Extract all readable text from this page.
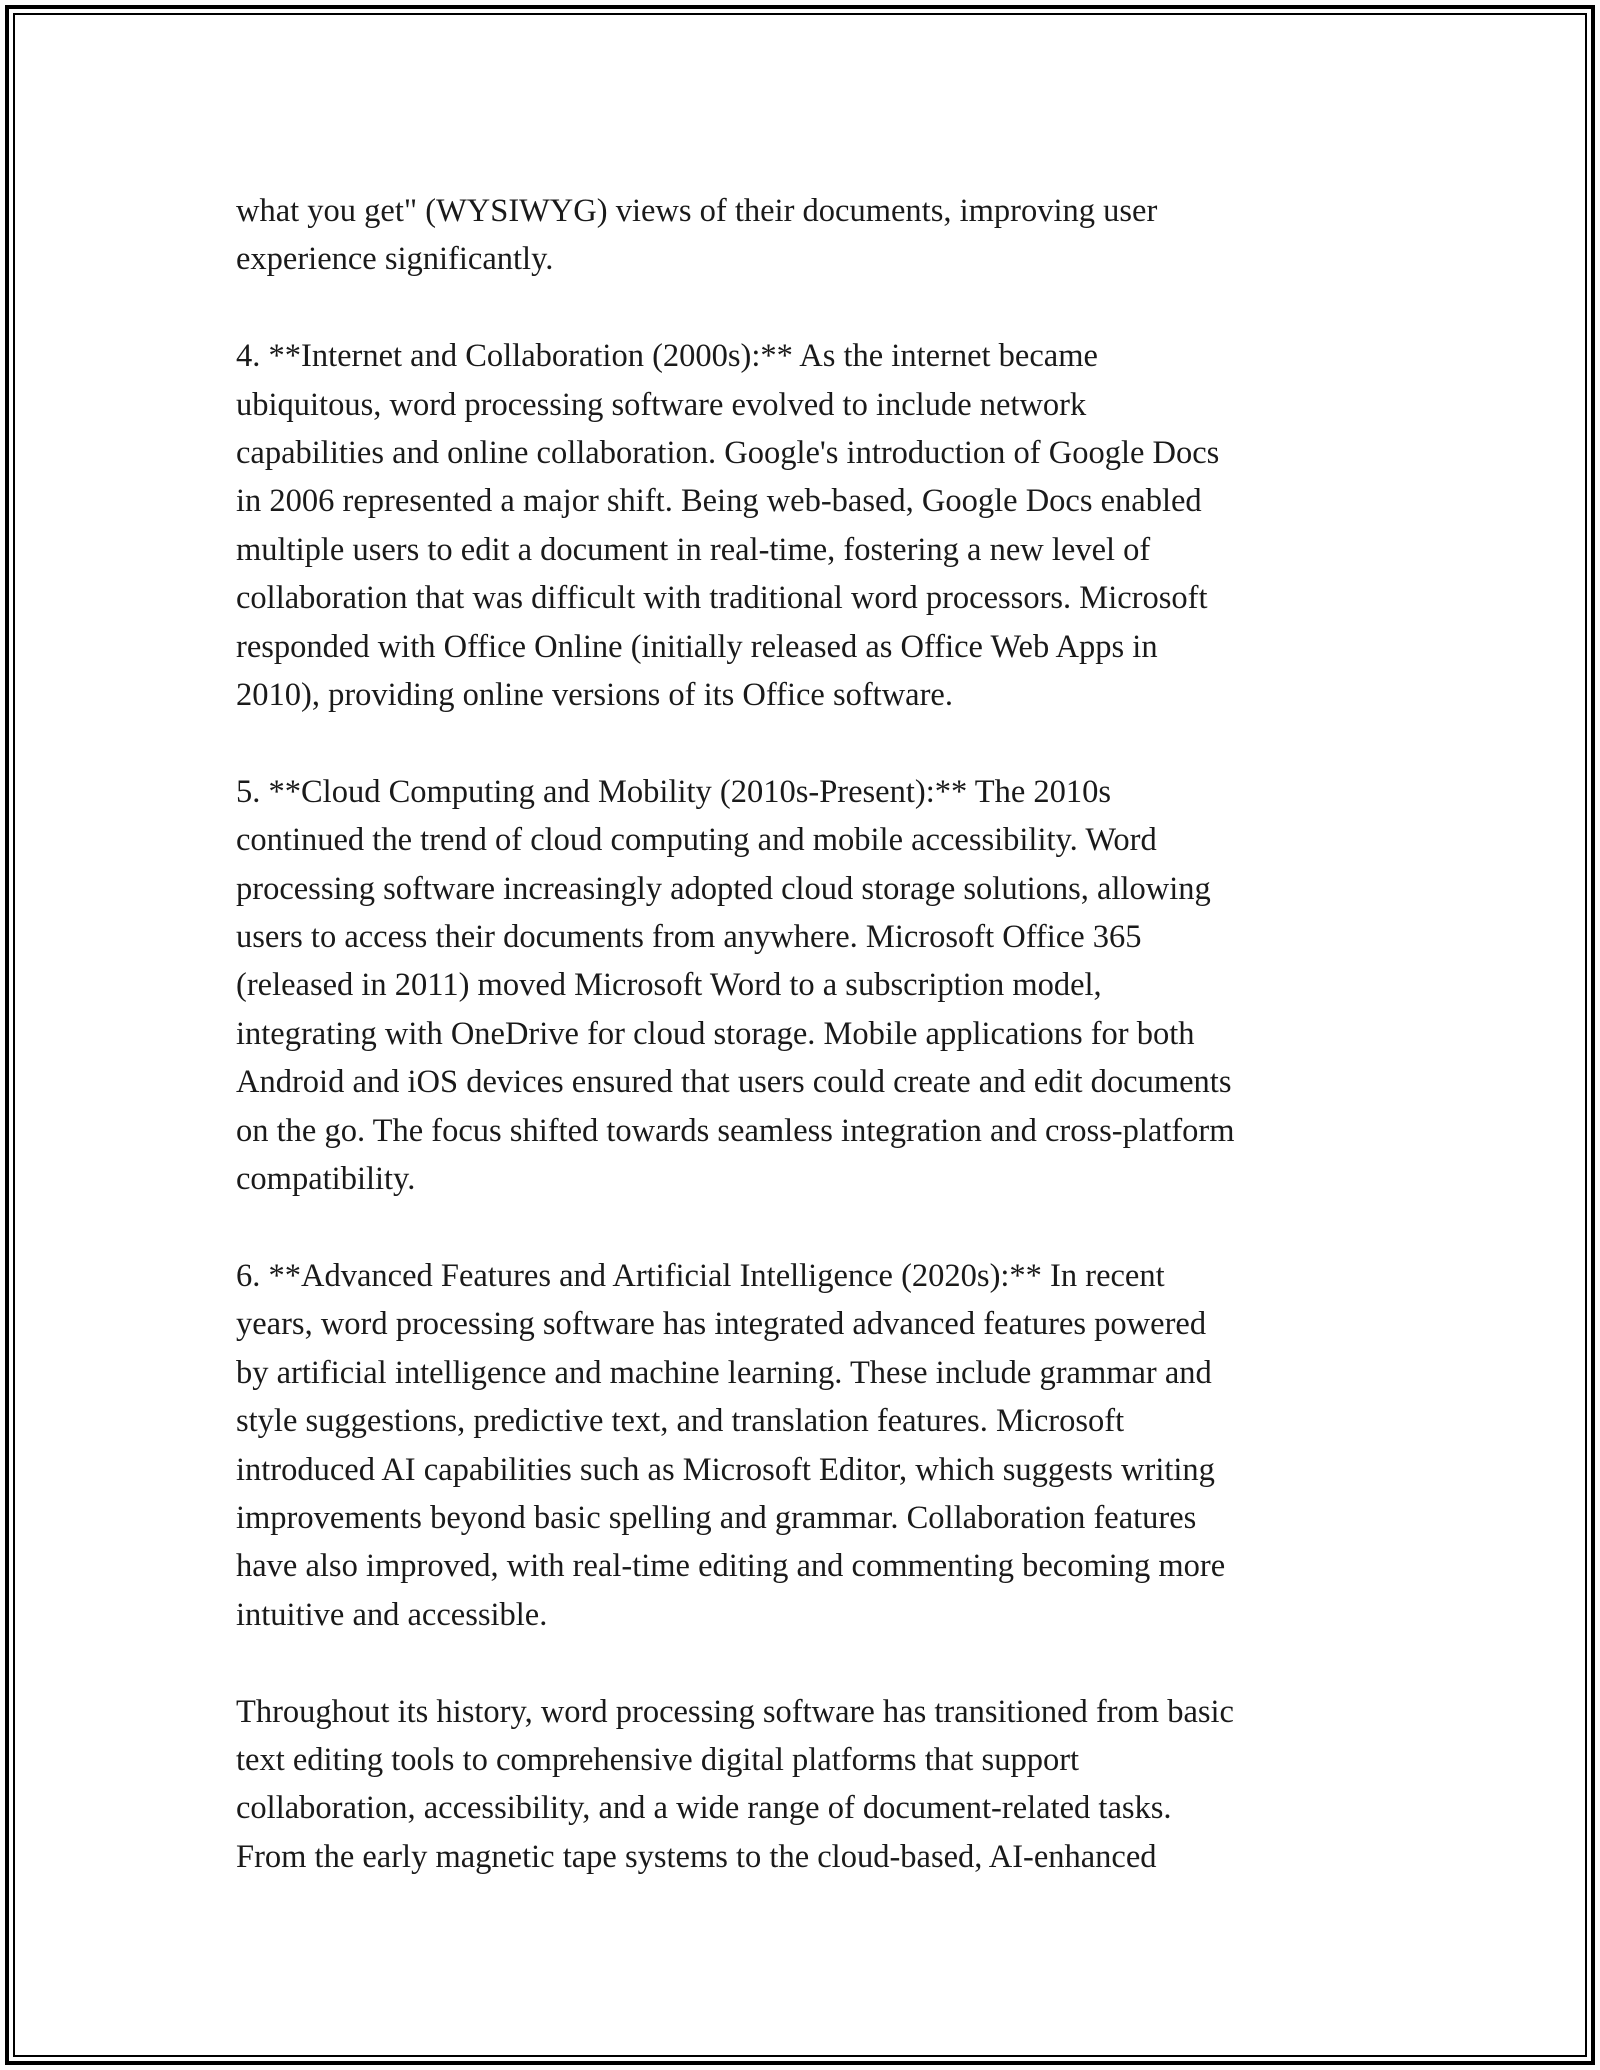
what you get" (WYSIWYG) views of their documents, improving user
experience significantly.

4. **Internet and Collaboration (2000s):** As the internet became
ubiquitous, word processing software evolved to include network
capabilities and online collaboration. Google's introduction of Google Docs
in 2006 represented a major shift. Being web-based, Google Docs enabled
multiple users to edit a document in real-time, fostering a new level of
collaboration that was difficult with traditional word processors. Microsoft
responded with Office Online (initially released as Office Web Apps in
2010), providing online versions of its Office software.

5. **Cloud Computing and Mobility (2010s-Present):** The 2010s
continued the trend of cloud computing and mobile accessibility. Word
processing software increasingly adopted cloud storage solutions, allowing
users to access their documents from anywhere. Microsoft Office 365
(released in 2011) moved Microsoft Word to a subscription model,
integrating with OneDrive for cloud storage. Mobile applications for both
Android and iOS devices ensured that users could create and edit documents
on the go. The focus shifted towards seamless integration and cross-platform
compatibility.

6. **Advanced Features and Artificial Intelligence (2020s):** In recent
years, word processing software has integrated advanced features powered
by artificial intelligence and machine learning. These include grammar and
style suggestions, predictive text, and translation features. Microsoft
introduced AI capabilities such as Microsoft Editor, which suggests writing
improvements beyond basic spelling and grammar. Collaboration features
have also improved, with real-time editing and commenting becoming more
intuitive and accessible.

Throughout its history, word processing software has transitioned from basic
text editing tools to comprehensive digital platforms that support
collaboration, accessibility, and a wide range of document-related tasks.
From the early magnetic tape systems to the cloud-based, AI-enhanced
